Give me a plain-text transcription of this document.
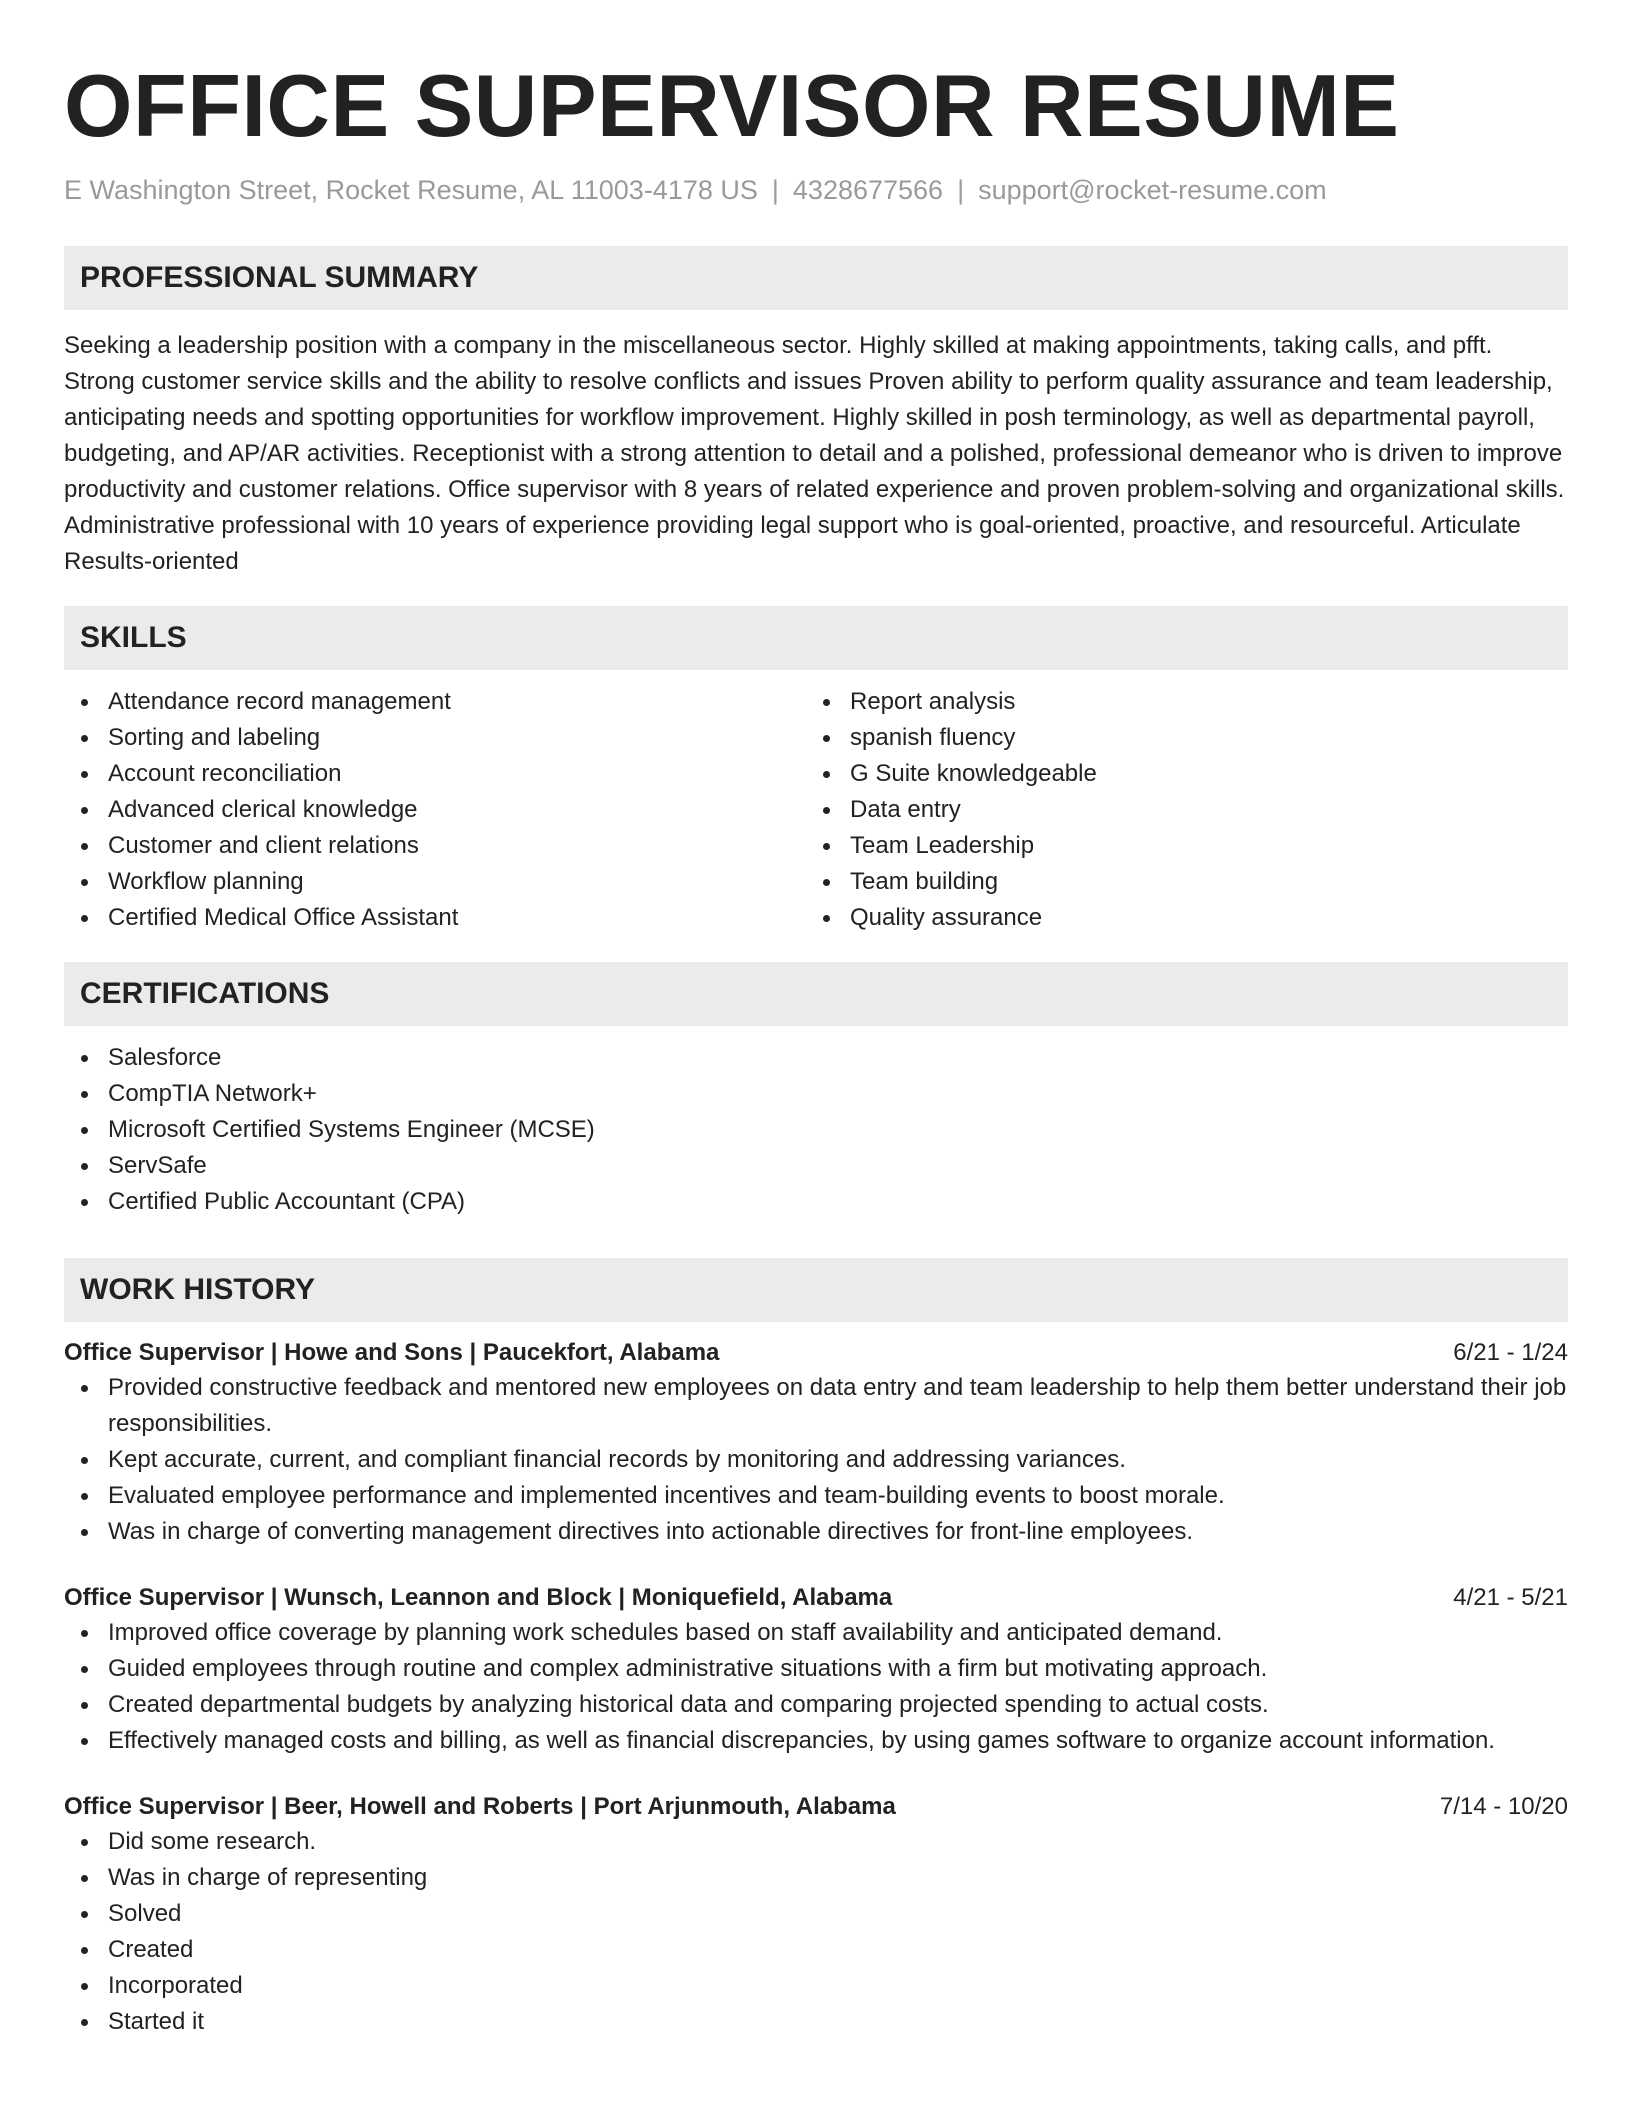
OFFICE SUPERVISOR RESUME
E Washington Street, Rocket Resume, AL 11003-4178 US | 4328677566 | support@rocket-resume.com
PROFESSIONAL SUMMARY
Seeking a leadership position with a company in the miscellaneous sector. Highly skilled at making appointments, taking calls, and pfft. Strong customer service skills and the ability to resolve conflicts and issues Proven ability to perform quality assurance and team leadership, anticipating needs and spotting opportunities for workflow improvement. Highly skilled in posh terminology, as well as departmental payroll, budgeting, and AP/AR activities. Receptionist with a strong attention to detail and a polished, professional demeanor who is driven to improve productivity and customer relations. Office supervisor with 8 years of related experience and proven problem-solving and organizational skills. Administrative professional with 10 years of experience providing legal support who is goal-oriented, proactive, and resourceful. Articulate Results-oriented
SKILLS
Attendance record management
Sorting and labeling
Account reconciliation
Advanced clerical knowledge
Customer and client relations
Workflow planning
Certified Medical Office Assistant
Report analysis
spanish fluency
G Suite knowledgeable
Data entry
Team Leadership
Team building
Quality assurance
CERTIFICATIONS
Salesforce
CompTIA Network+
Microsoft Certified Systems Engineer (MCSE)
ServSafe
Certified Public Accountant (CPA)
WORK HISTORY
Office Supervisor | Howe and Sons | Paucekfort, Alabama	6/21 - 1/24
Provided constructive feedback and mentored new employees on data entry and team leadership to help them better understand their job responsibilities.
Kept accurate, current, and compliant financial records by monitoring and addressing variances.
Evaluated employee performance and implemented incentives and team-building events to boost morale.
Was in charge of converting management directives into actionable directives for front-line employees.
Office Supervisor | Wunsch, Leannon and Block | Moniquefield, Alabama	4/21 - 5/21
Improved office coverage by planning work schedules based on staff availability and anticipated demand.
Guided employees through routine and complex administrative situations with a firm but motivating approach.
Created departmental budgets by analyzing historical data and comparing projected spending to actual costs.
Effectively managed costs and billing, as well as financial discrepancies, by using games software to organize account information.
Office Supervisor | Beer, Howell and Roberts | Port Arjunmouth, Alabama	7/14 - 10/20
Did some research.
Was in charge of representing
Solved
Created
Incorporated
Started it
